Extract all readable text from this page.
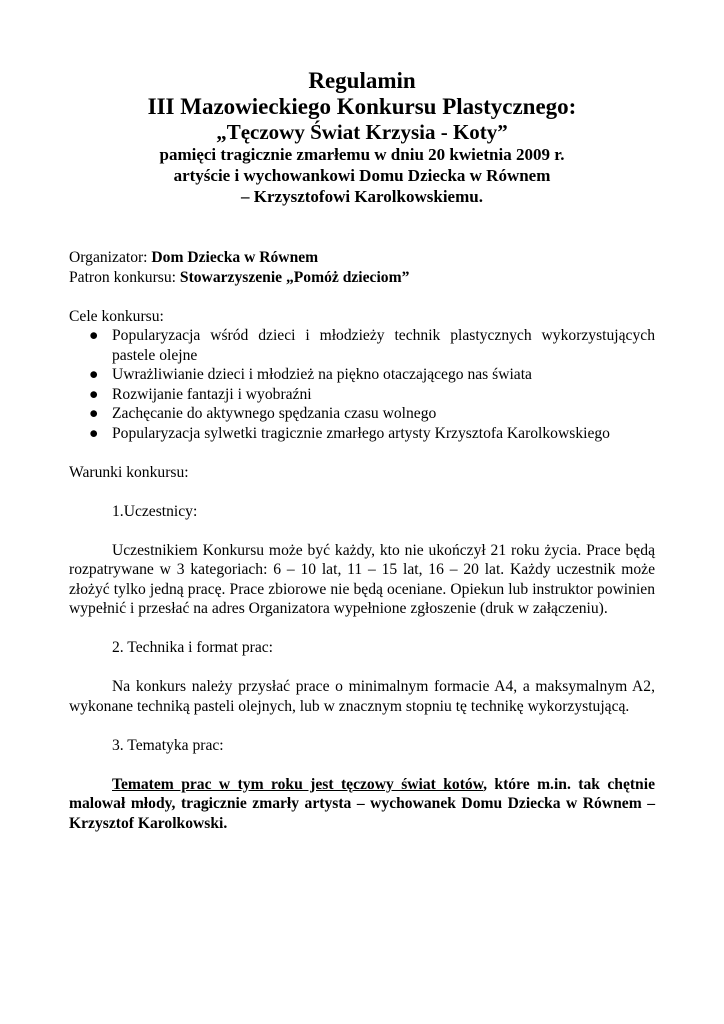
Regulamin
III Mazowieckiego Konkursu Plastycznego:
„Tęczowy Świat Krzysia - Koty”
pamięci tragicznie zmarłemu w dniu 20 kwietnia 2009 r.
artyście i wychowankowi Domu Dziecka w Równem
– Krzysztofowi Karolkowskiemu.

Organizator: Dom Dziecka w Równem

Patron konkursu: Stowarzyszenie „Pomóż dzieciom”

Cele konkursu:

● Popularyzacja wśród dzieci i młodzieży technik plastycznych wykorzystujących pastele olejne
● Uwrażliwianie dzieci i młodzież na piękno otaczającego nas świata
● Rozwijanie fantazji i wyobraźni
● Zachęcanie do aktywnego spędzania czasu wolnego
● Popularyzacja sylwetki tragicznie zmarłego artysty Krzysztofa Karolkowskiego

Warunki konkursu:

1.Uczestnicy:

Uczestnikiem Konkursu może być każdy, kto nie ukończył 21 roku życia. Prace będą rozpatrywane w 3 kategoriach: 6 – 10 lat, 11 – 15 lat, 16 – 20 lat. Każdy uczestnik może złożyć tylko jedną pracę. Prace zbiorowe nie będą oceniane. Opiekun lub instruktor powinien wypełnić i przesłać na adres Organizatora wypełnione zgłoszenie (druk w załączeniu).

2. Technika i format prac:

Na konkurs należy przysłać prace o minimalnym formacie A4, a maksymalnym A2, wykonane techniką pasteli olejnych, lub w znacznym stopniu tę technikę wykorzystującą.

3. Tematyka prac:

Tematem prac w tym roku jest tęczowy świat kotów, które m.in. tak chętnie malował młody, tragicznie zmarły artysta – wychowanek Domu Dziecka w Równem – Krzysztof Karolkowski.
